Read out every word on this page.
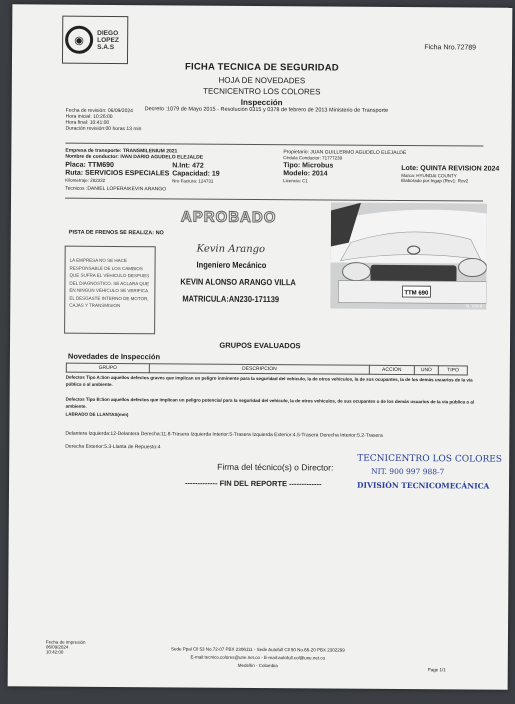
◉
DIEGO
LOPEZ
S.A.S	Ficha Nro.72789
FICHA TECNICA DE SEGURIDAD
HOJA DE NOVEDADES
TECNICENTRO LOS COLORES
Inspección
Fecha de revisión: 06/09/2024
Hora inicial: 10:26:00
Hora final: 10:41:00
Duración revisión:00 horas 13 min
Decreto :1079 de Mayo 2015 - Resolución 0315 y 0378 de febrero de 2013 Ministerio de Transporte
Empresa de transporte: TRANSMILENIUM 2021
Nombre de conductor: IVAN DARIO AGUDELO ELEJALDE
Placa: TTM690	N.Int: 472
Ruta: SERVICIOS ESPECIALES Capacidad: 19
Kilometraje: 282332	Nro Factura: 124731
Tecnicos :DANIEL LOPERA\KEVIN ARANGO
Propietario: JUAN GUILLERMO AGUDELO ELEJALDE
Cédula Conductor: 71777239
Tipo: Microbus
Modelo: 2014
Licencia: C1
Lote: QUINTA REVISION 2024
Marca: HYUNDAI COUNTY
Elaborado por:Ingap (Rev1: Rov2
APROBADO
PISTA DE FRENOS SE REALIZA: NO
LA EMPRESA NO SE HACE
RESPONSABLE DE LOS CAMBIOS
QUE SUFRA EL VEHICULO DESPUES
DEL DIAGNOSTICO. SE ACLARA QUE
EN NINGUN VEHICULO SE VERIFICA
EL DESGASTE INTERNO DE MOTOR,
CAJAS Y TRANSMISION
Kevin Arango
Ingeniero Mecánico
KEVIN ALONSO ARANGO VILLA
MATRICULA:AN230-171139	TTM 690
5L 7/35 8
GRUPOS EVALUADOS
Novedades de Inspección
GRUPO	DESCRIPCION	ACCION	UND	TIPO
Defectos Tipo A:Son aquellos defectos graves que implican un peligro inminente para la seguridad del vehículo, la de otros vehículos, la de sus ocupantes, la de los demás usuarios de la vía pública o al ambiente.
Defectos Tipo B:Son aquellos defectos que implican un peligro potencial para la seguridad del vehículo, la de otros vehículos, de sus ocupantes o de los demás usuarios de la vía pública o al ambiente.
LABRADO DE LLANTAS(mm)
Delantera Izquierda:12-Delantera Derecha:11.8-Trasera Izquierda Interior:5-Trasera Izquierda Exterior:4.5-Trasera Derecha Interior:5.2-Trasera
Derecha Exterior:5.3-Llanta de Repuesto:4
Firma del técnico(s) o Director:
------------- FIN DEL REPORTE -------------
TECNICENTRO LOS COLORES
NIT. 900 997 988-7
DIVISIÓN TECNICOMECÁNICA
Fecha de impresión
06/09/2024
10:42:00	Sede Ppal Cll 53 No.72-07 PBX 2306111 - Sede Autofull Cll 50 No.66-20 PBX 2302299
E-mail:tecnico.colores@une.net.co - E-mail:autofull.col@une.net.co
Medellín - Colombia
Page 1/1
